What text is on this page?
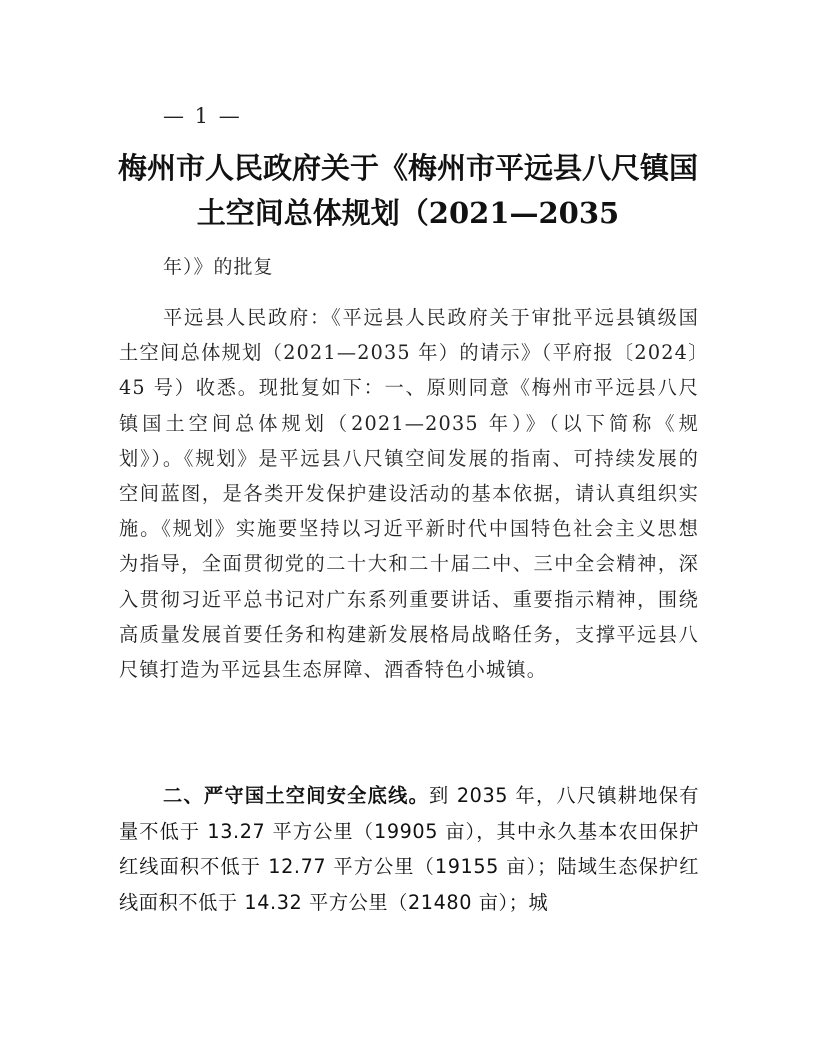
— 1 —
梅州市人民政府关于《梅州市平远县八尺镇国土空间总体规划（2021—2035
年）》的批复

平远县人民政府：《平远县人民政府关于审批平远县镇级国土空间总体规划（2021—2035 年）的请示》（平府报〔2024〕45 号）收悉。现批复如下：一、原则同意《梅州市平远县八尺镇国土空间总体规划（2021—2035 年）》（以下简称《规划》）。《规划》是平远县八尺镇空间发展的指南、可持续发展的空间蓝图，是各类开发保护建设活动的基本依据，请认真组织实施。《规划》实施要坚持以习近平新时代中国特色社会主义思想为指导，全面贯彻党的二十大和二十届二中、三中全会精神，深入贯彻习近平总书记对广东系列重要讲话、重要指示精神，围绕高质量发展首要任务和构建新发展格局战略任务，支撑平远县八尺镇打造为平远县生态屏障、酒香特色小城镇。

二、严守国土空间安全底线。到 2035 年，八尺镇耕地保有量不低于 13.27 平方公里（19905 亩），其中永久基本农田保护红线面积不低于 12.77 平方公里（19155 亩）；陆域生态保护红线面积不低于 14.32 平方公里（21480 亩）；城
